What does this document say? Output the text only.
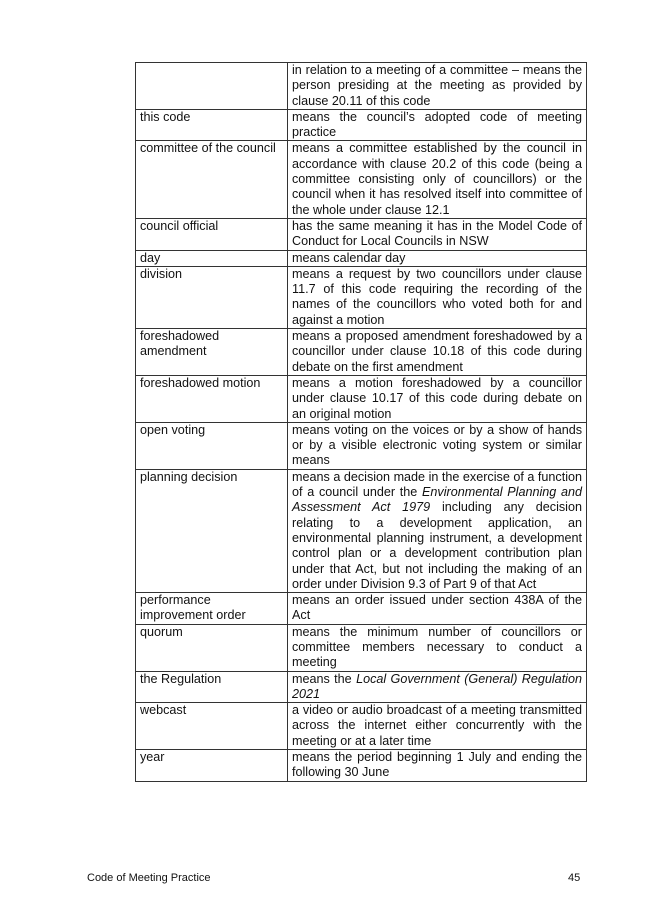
	in relation to a meeting of a committee – means the person presiding at the meeting as provided by clause 20.11 of this code
this code	means the council’s adopted code of meeting practice
committee of the council	means a committee established by the council in accordance with clause 20.2 of this code (being a committee consisting only of councillors) or the council when it has resolved itself into committee of the whole under clause 12.1
council official	has the same meaning it has in the Model Code of Conduct for Local Councils in NSW
day	means calendar day
division	means a request by two councillors under clause 11.7 of this code requiring the recording of the names of the councillors who voted both for and against a motion
foreshadowed amendment	means a proposed amendment foreshadowed by a councillor under clause 10.18 of this code during debate on the first amendment
foreshadowed motion	means a motion foreshadowed by a councillor under clause 10.17 of this code during debate on an original motion
open voting	means voting on the voices or by a show of hands or by a visible electronic voting system or similar means
planning decision	means a decision made in the exercise of a function of a council under the Environmental Planning and Assessment Act 1979 including any decision relating to a development application, an environmental planning instrument, a development control plan or a development contribution plan under that Act, but not including the making of an order under Division 9.3 of Part 9 of that Act
performance improvement order	means an order issued under section 438A of the Act
quorum	means the minimum number of councillors or committee members necessary to conduct a meeting
the Regulation	means the Local Government (General) Regulation 2021
webcast	a video or audio broadcast of a meeting transmitted across the internet either concurrently with the meeting or at a later time
year	means the period beginning 1 July and ending the following 30 June
Code of Meeting Practice	45
